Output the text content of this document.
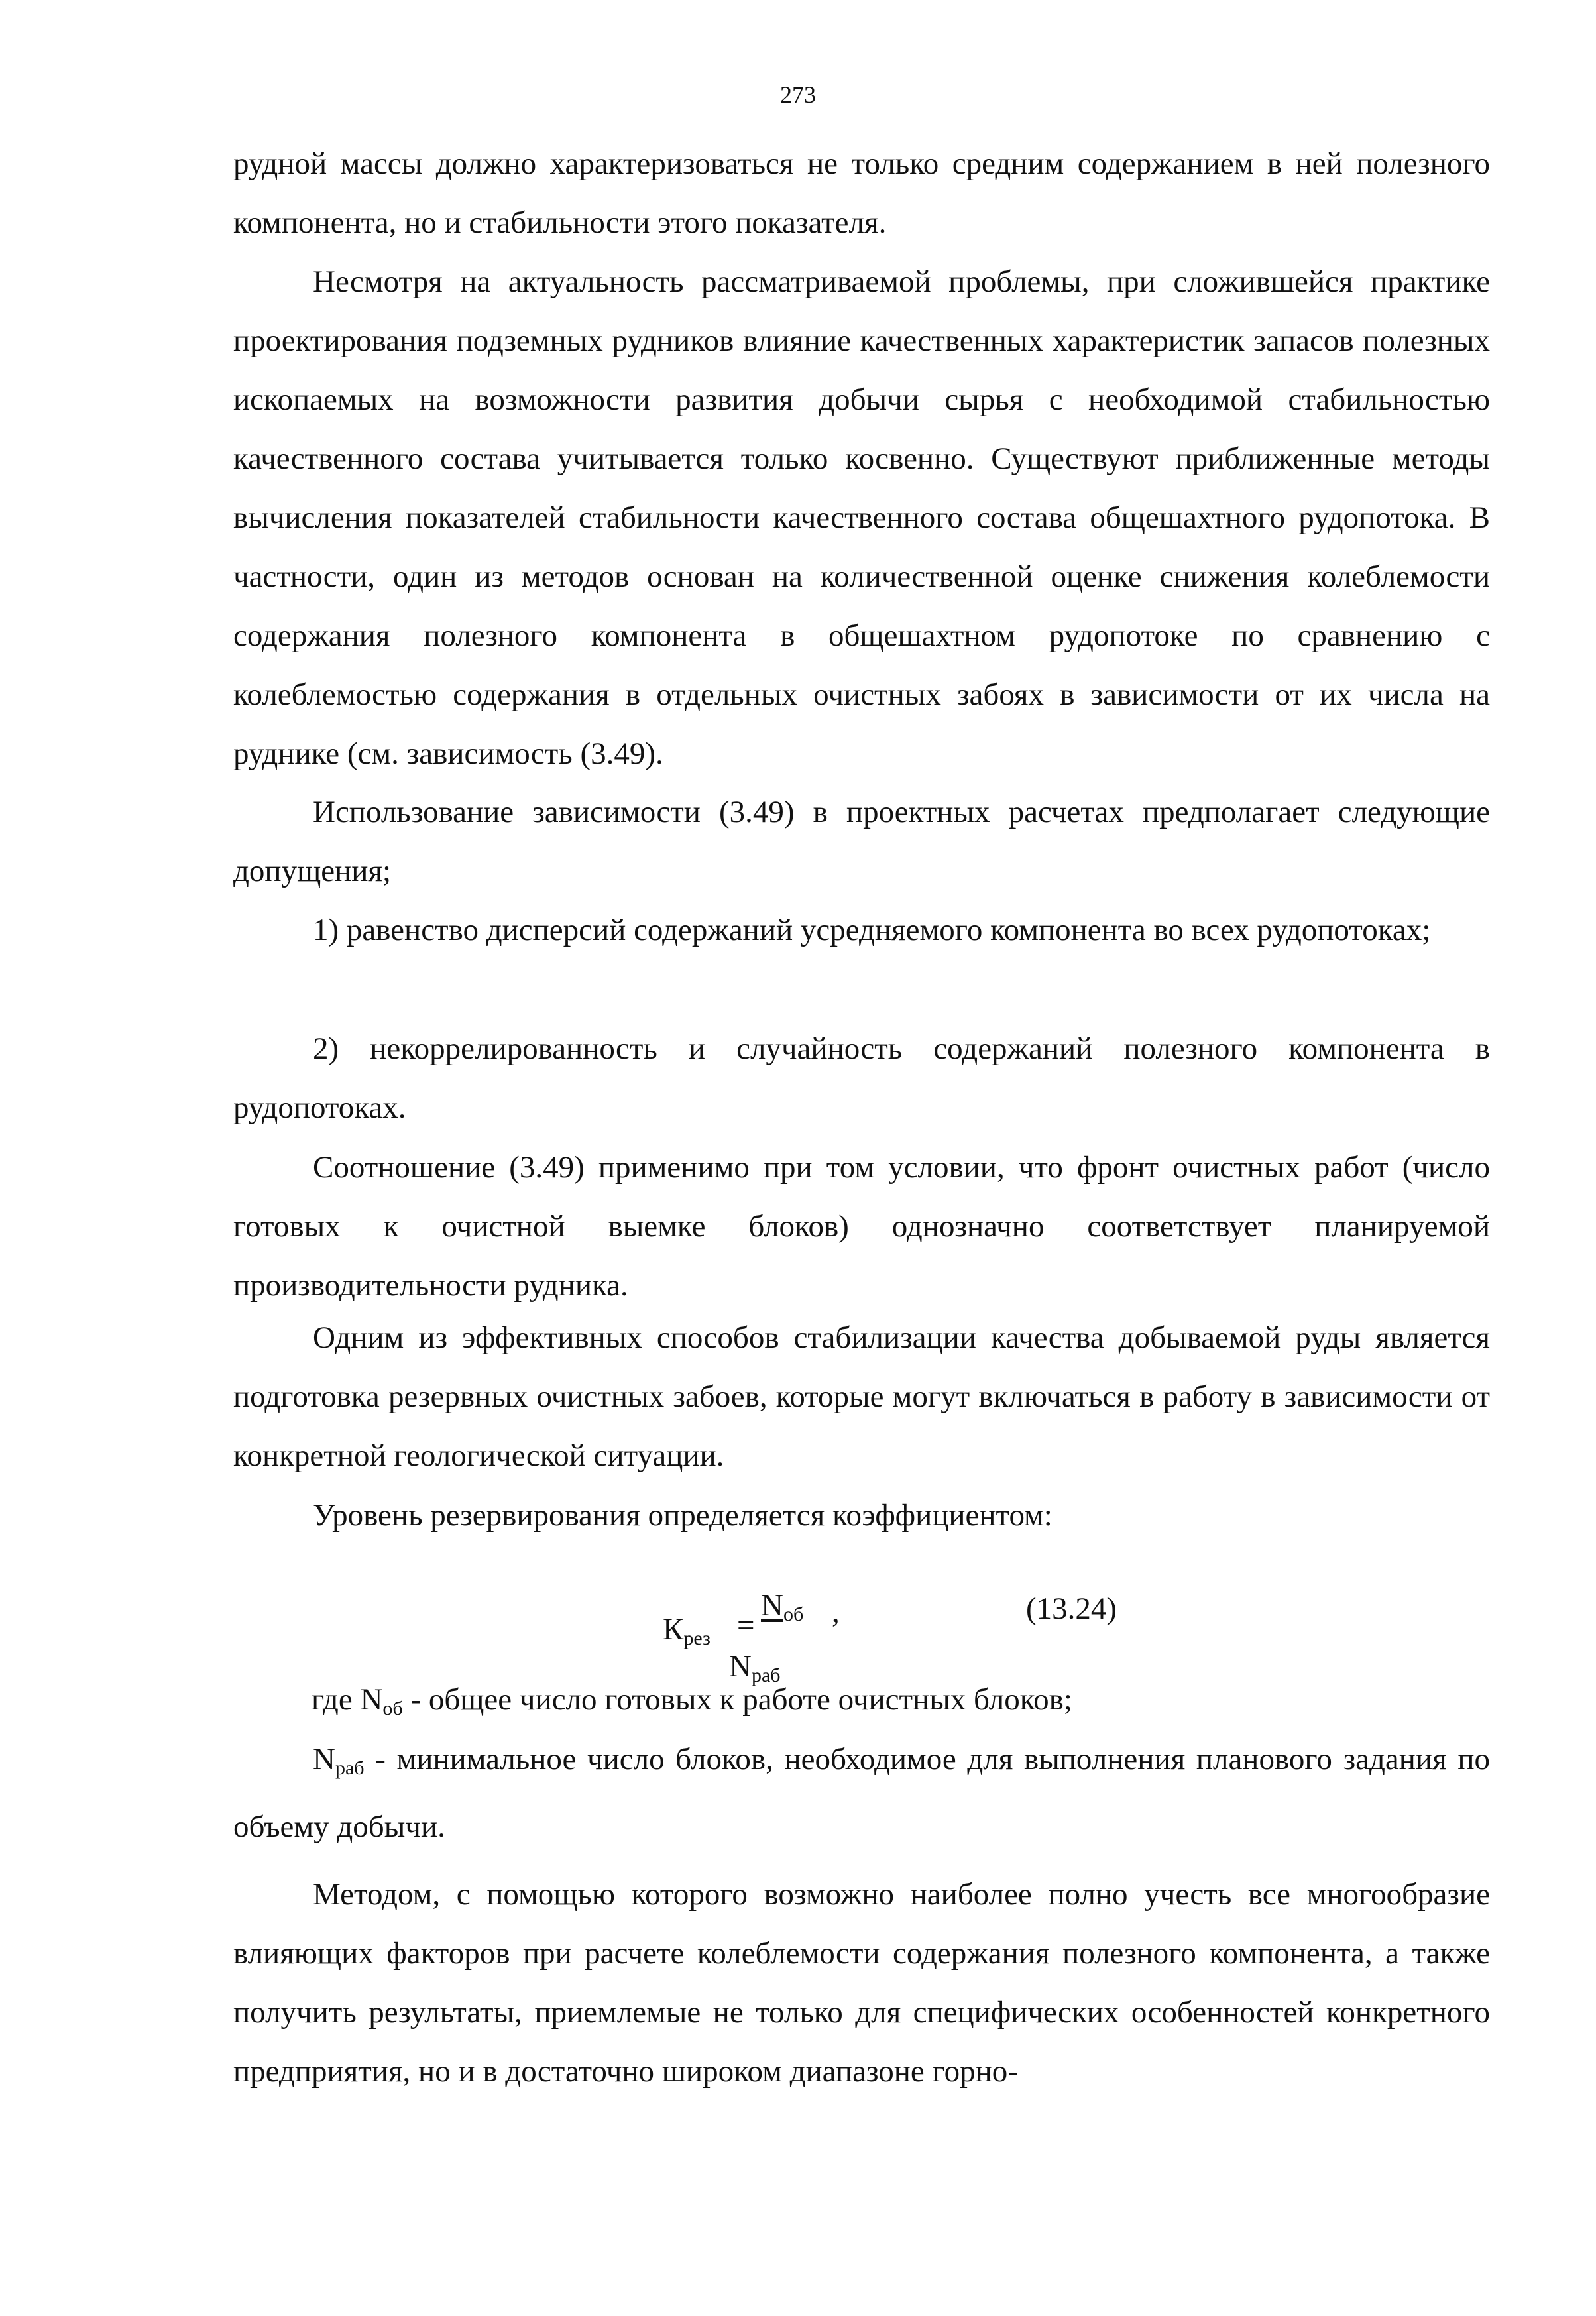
273
рудной массы должно характеризоваться не только средним содержанием в ней полезного компонента, но и стабильности этого показателя.
Несмотря на актуальность рассматриваемой проблемы, при сложившейся практике проектирования подземных рудников влияние качественных характеристик запасов полезных ископаемых на возможности развития добычи сырья с необходимой стабильностью качественного состава учитывается только косвенно. Существуют приближенные методы вычисления показателей стабильности качественного состава общешахтного рудопотока. В частности, один из методов основан на количественной оценке снижения колеблемости содержания полезного компонента в общешахтном рудопотоке по сравнению с колеблемостью содержания в отдельных очистных забоях в зависимости от их числа на руднике (см. зависимость (3.49).
Использование зависимости (3.49) в проектных расчетах предполагает следующие допущения;
1) равенство дисперсий содержаний усредняемого компонента во всех рудопотоках;
2) некоррелированность и случайность содержаний полезного компонента в рудопотоках.
Соотношение (3.49) применимо при том условии, что фронт очистных работ (число готовых к очистной выемке блоков) однозначно соответствует планируемой производительности рудника.
Одним из эффективных способов стабилизации качества добываемой руды является подготовка резервных очистных забоев, которые могут включаться в работу в зависимости от конкретной геологической ситуации.
Уровень резервирования определяется коэффициентом:
$К_{рез}$ =
$N_{об}$
$N_{раб}$
,	(13.24)
где $N_{об}$ - общее число готовых к работе очистных блоков;
$N_{раб}$ - минимальное число блоков, необходимое для выполнения планового задания по объему добычи.
Методом, с помощью которого возможно наиболее полно учесть все многообразие влияющих факторов при расчете колеблемости содержания полезного компонента, а также получить результаты, приемлемые не только для специфических особенностей конкретного предприятия, но и в достаточно широком диапазоне горно-
